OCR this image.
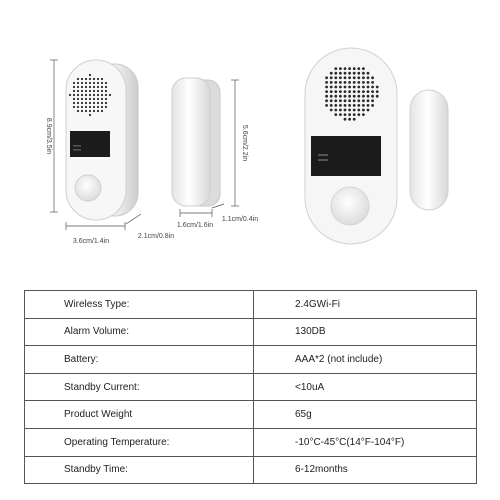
8.9cm/3.5in
3.6cm/1.4in
2.1cm/0.8in
5.6cm/2.2in
1.6cm/1.6in
1.1cm/0.4in
Wireless Type:	2.4GWi-Fi
Alarm Volume:	130DB
Battery:	AAA*2 (not include)
Standby Current:	<10uA
Product Weight	65g
Operating Temperature:	-10°C-45°C(14°F-104°F)
Standby Time:	6-12months
